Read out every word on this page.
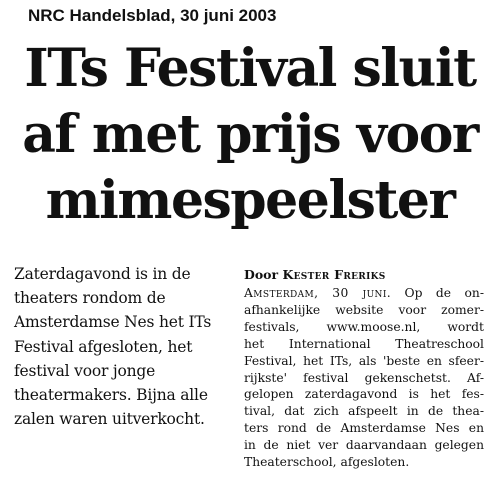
NRC Handelsblad, 30 juni 2003
ITs Festival sluit
af met prijs voor
mimespeelster
Zaterdagavond is in de
theaters rondom de
Amsterdamse Nes het ITs
Festival afgesloten, het
festival voor jonge
theatermakers. Bijna alle
zalen waren uitverkocht.
Door Kester Freriks
Amsterdam, 30 juni. Op de on-
afhankelijke website voor zomer-
festivals, www.moose.nl, wordt
het International Theatreschool
Festival, het ITs, als 'beste en sfeer-
rijkste' festival gekenschetst. Af-
gelopen zaterdagavond is het fes-
tival, dat zich afspeelt in de thea-
ters rond de Amsterdamse Nes en
in de niet ver daarvandaan gelegen
Theaterschool, afgesloten.
